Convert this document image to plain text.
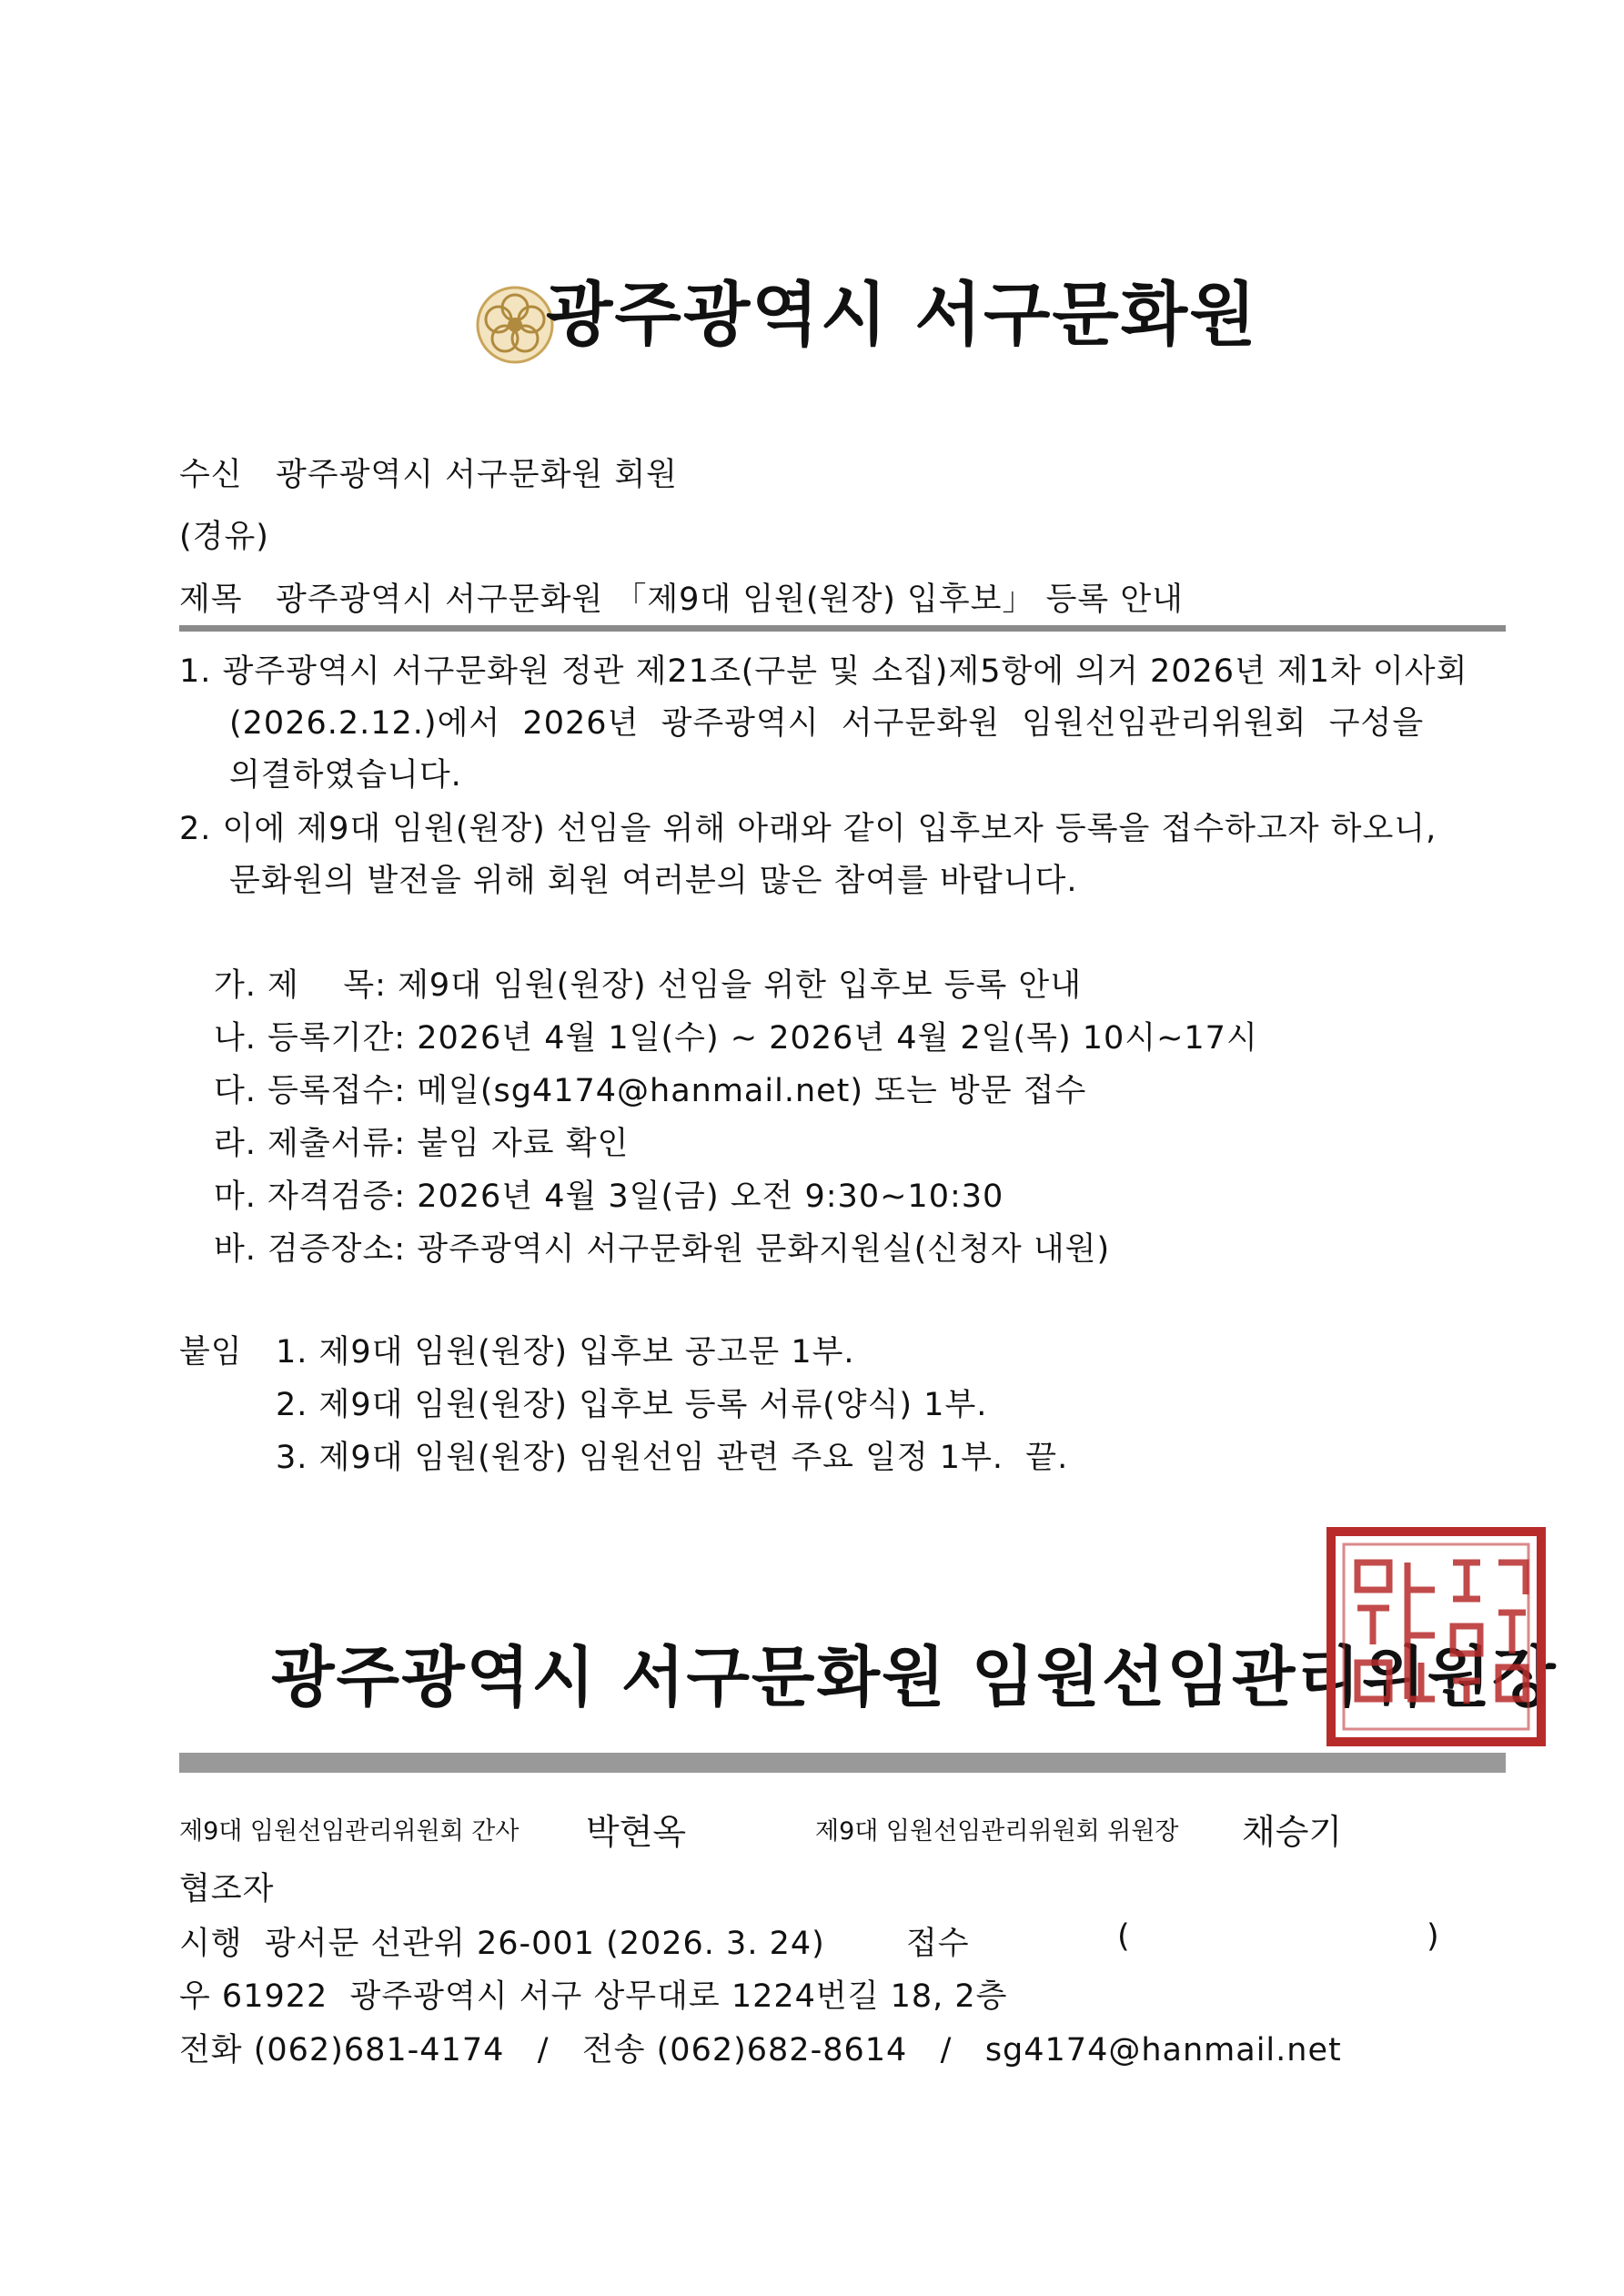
광주광역시 서구문화원
수신 광주광역시 서구문화원 회원
(경유)
제목 광주광역시 서구문화원 「제9대 임원(원장) 입후보」 등록 안내
1. 광주광역시 서구문화원 정관 제21조(구분 및 소집)제5항에 의거 2026년 제1차 이사회
(2026.2.12.)에서  2026년  광주광역시  서구문화원  임원선임관리위원회  구성을
의결하였습니다.
2. 이에 제9대 임원(원장) 선임을 위해 아래와 같이 입후보자 등록을 접수하고자 하오니,
문화원의 발전을 위해 회원 여러분의 많은 참여를 바랍니다.
가. 제    목: 제9대 임원(원장) 선임을 위한 입후보 등록 안내
나. 등록기간: 2026년 4월 1일(수) ~ 2026년 4월 2일(목) 10시~17시
다. 등록접수: 메일(sg4174@hanmail.net) 또는 방문 접수
라. 제출서류: 붙임 자료 확인
마. 자격검증: 2026년 4월 3일(금) 오전 9:30~10:30
바. 검증장소: 광주광역시 서구문화원 문화지원실(신청자 내원)
붙임 1. 제9대 임원(원장) 입후보 공고문 1부.
2. 제9대 임원(원장) 입후보 등록 서류(양식) 1부.
3. 제9대 임원(원장) 임원선임 관련 주요 일정 1부.  끝.
광주광역시 서구문화원 임원선임관리위원장

제9대 임원선임관리위원회 간사 박현옥	제9대 임원선임관리위원회 위원장 채승기
협조자
시행  광서문 선관위 26-001 (2026. 3. 24)	접수	(	)
우 61922  광주광역시 서구 상무대로 1224번길 18, 2층
전화 (062)681-4174   /   전송 (062)682-8614   /   sg4174@hanmail.net
